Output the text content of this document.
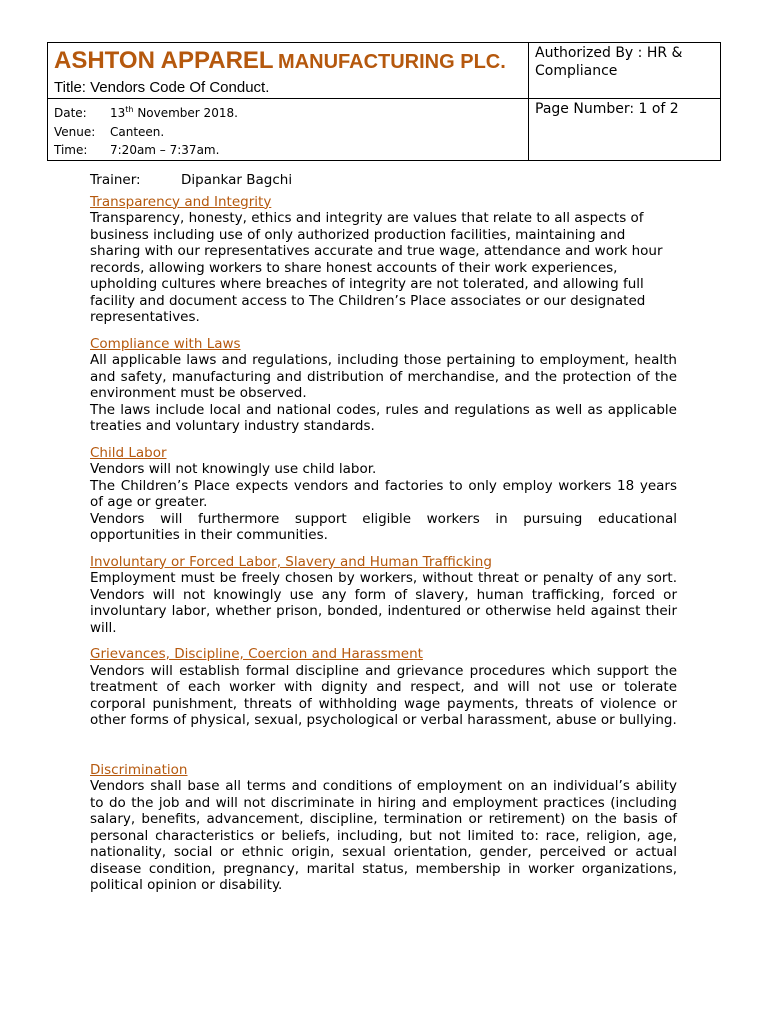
ASHTON APPAREL MANUFACTURING PLC.
Title: Vendors Code Of Conduct.	Authorized By : HR & Compliance

Date: 13th November 2018.
Venue: Canteen.
Time: 7:20am – 7:37am.	Page Number: 1 of 2
Trainer:	Dipankar Bagchi
Transparency and Integrity
Transparency, honesty, ethics and integrity are values that relate to all aspects of business including use of only authorized production facilities, maintaining and sharing with our representatives accurate and true wage, attendance and work hour records, allowing workers to share honest accounts of their work experiences, upholding cultures where breaches of integrity are not tolerated, and allowing full facility and document access to The Children’s Place associates or our designated representatives.
Compliance with Laws
All applicable laws and regulations, including those pertaining to employment, health and safety, manufacturing and distribution of merchandise, and the protection of the environment must be observed.
The laws include local and national codes, rules and regulations as well as applicable treaties and voluntary industry standards.
Child Labor
Vendors will not knowingly use child labor.
The Children’s Place expects vendors and factories to only employ workers 18 years of age or greater.
Vendors will furthermore support eligible workers in pursuing educational opportunities in their communities.
Involuntary or Forced Labor, Slavery and Human Trafficking
Employment must be freely chosen by workers, without threat or penalty of any sort. Vendors will not knowingly use any form of slavery, human trafficking, forced or involuntary labor, whether prison, bonded, indentured or otherwise held against their will.
Grievances, Discipline, Coercion and Harassment
Vendors will establish formal discipline and grievance procedures which support the treatment of each worker with dignity and respect, and will not use or tolerate corporal punishment, threats of withholding wage payments, threats of violence or other forms of physical, sexual, psychological or verbal harassment, abuse or bullying.
Discrimination
Vendors shall base all terms and conditions of employment on an individual’s ability to do the job and will not discriminate in hiring and employment practices (including salary, benefits, advancement, discipline, termination or retirement) on the basis of personal characteristics or beliefs, including, but not limited to: race, religion, age, nationality, social or ethnic origin, sexual orientation, gender, perceived or actual disease condition, pregnancy, marital status, membership in worker organizations, political opinion or disability.
